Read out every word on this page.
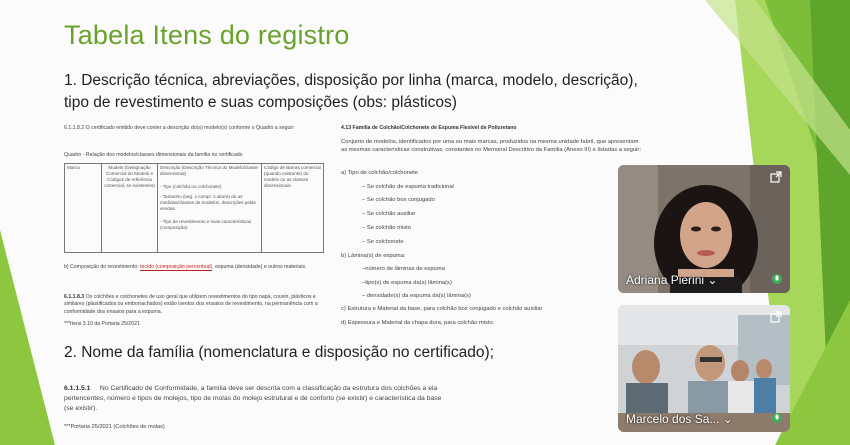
Tabela Itens do registro
1. Descrição técnica, abreviações, disposição por linha (marca, modelo, descrição), tipo de revestimento e suas composições (obs: plásticos)
6.1.1.8.2 O certificado emitido deve conter a descrição do(s) modelo(s) conforme o Quadro a seguir:
Quadro - Relação dos modelos/classes dimensionais da família no certificado
Marca	Modelo (Designação Comercial do Modelo e Códigos de referência comercial, se existentes)
Descrição (Descrição Técnica do Modelo/classe dimensional)
Código de Barras comercial (quando existente) do modelo ou as classes dimensionais
- Tipo (colchão ou colchonete)
- Tamanho (larg. x compr. x altura) de as medidas/classes de modelos, descrições pelas vendas.
- Tipo de revestimento e suas características (composição)
b) Composição do revestimento: tecido (composição percentual), espuma (densidade) e outros materiais.
6.1.1.8.3 Os colchões e colchonetes de uso geral que utilizem revestimentos do tipo napa, couvin, plásticos e similares (plastificados ou emborrachados) estão isentos dos ensaios de revestimento, na permanência com a conformidade dos ensaios para a espuma.
***Itens 3.10 da Portaria 25/2021
4.13 Família de Colchão/Colchonete de Espuma Flexível de Poliuretano
Conjunto de modelos, identificados por uma ou mais marcas, produzidos na mesma unidade fabril, que apresentam as mesmas características construtivas, constantes no Memorial Descritivo da Família (Anexo III) e listadas a seguir:
a) Tipo de colchão/colchonete
– Se colchão de espuma tradicional
– Se colchão box conjugado
– Se colchão auxiliar
– Se colchão misto
– Se colchonete
b) Lâmina(s) de espuma:
–número de lâminas de espuma
–tipo(s) de espuma da(s) lâmina(s)
– densidade(s) da espuma da(s) lâmina(s)
c) Estrutura e Material da base, para colchão box conjugado e colchão auxiliar
d) Espessura e Material da chapa dura, para colchão misto.
2. Nome da família (nomenclatura e disposição no certificado);
6.1.1.5.1 No Certificado de Conformidade, a família deve ser descrita com a classificação da estrutura dos colchões a ela pertencentes, número e tipos de molejos, tipo de molas do molejo estrutural e de conforto (se existir) e característica da base (se existir).
***Portaria 25/2021 (Colchões de molas)
Adriana Pierini ⌄
Marcelo dos Sa... ⌄
